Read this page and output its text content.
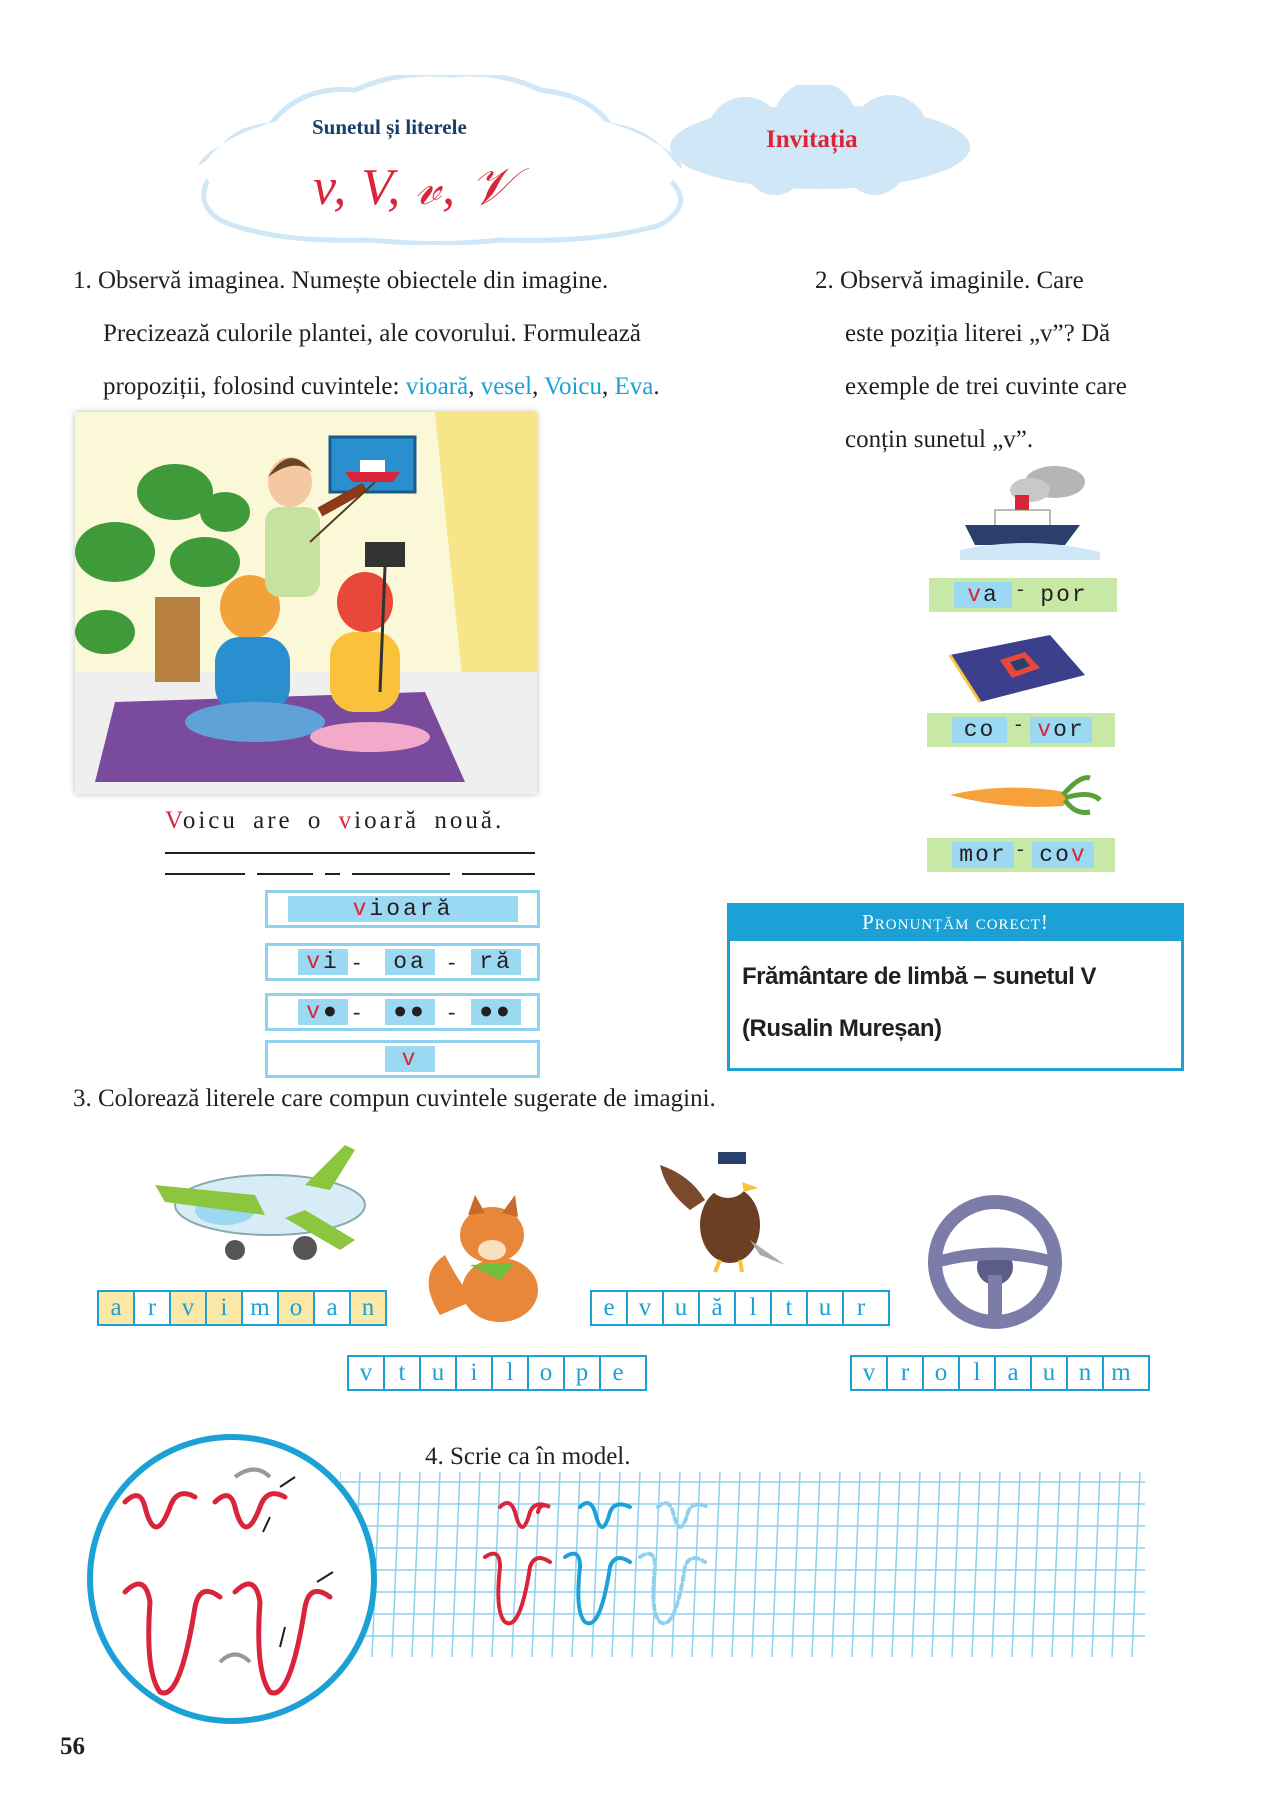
Sunetul și literele
v, V, 𝓋, 𝒱
Invitația
1. Observă imaginea. Numește obiectele din imagine.
Precizează culorile plantei, ale covorului. Formulează
propoziții, folosind cuvintele: vioară, vesel, Voicu, Eva.
Voicu are o vioară nouă.
vioară
vi -	oa -	ră
v● -	●● -	●●
v
2. Observă imaginile. Care
este poziția literei „v”? Dă
exemple de trei cuvinte care
conțin sunetul „v”.
va - por
co - vor
mor - cov
Pronunțăm corect!
Frământare de limbă – sunetul V
(Rusalin Mureșan)
3. Colorează literele care compun cuvintele sugerate de imagini.
a	r	v	i m o a n	e v u ă	l	t	u	r
v	t	u	i	l	o p e	v	r	o	l	a u n m
4. Scrie ca în model.
56
